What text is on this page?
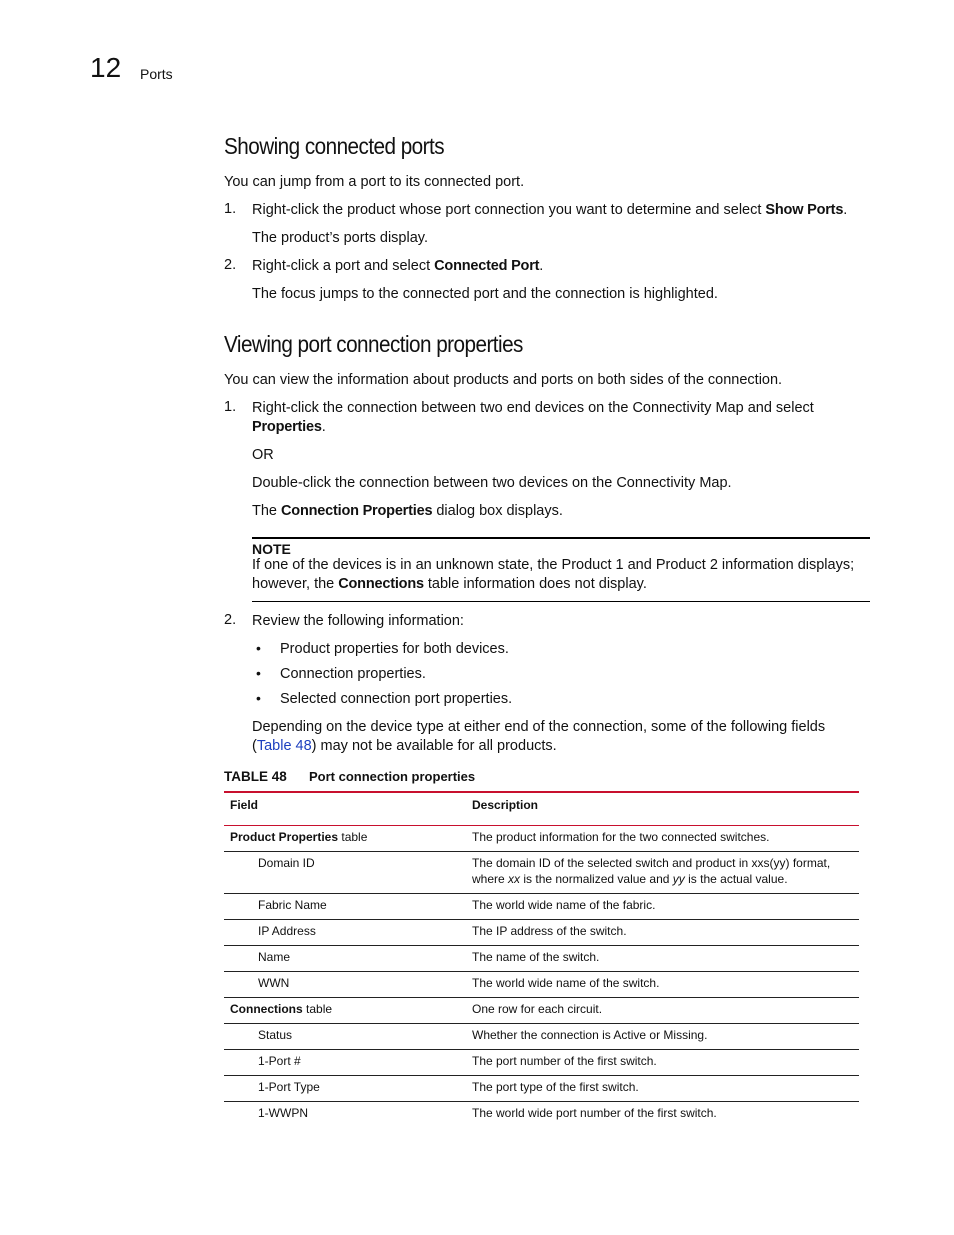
12 Ports
Showing connected ports
You can jump from a port to its connected port.
1. Right-click the product whose port connection you want to determine and select Show Ports.
The product’s ports display.
2. Right-click a port and select Connected Port.
The focus jumps to the connected port and the connection is highlighted.
Viewing port connection properties
You can view the information about products and ports on both sides of the connection.
1. Right-click the connection between two end devices on the Connectivity Map and select
Properties.
OR
Double-click the connection between two devices on the Connectivity Map.
The Connection Properties dialog box displays.
NOTE
If one of the devices is in an unknown state, the Product 1 and Product 2 information displays;
however, the Connections table information does not display.
2. Review the following information:
• Product properties for both devices.
• Connection properties.
• Selected connection port properties.
Depending on the device type at either end of the connection, some of the following fields
(Table 48) may not be available for all products.
TABLE 48 Port connection properties
Field	Description
Product Properties table	The product information for the two connected switches.
Domain ID	The domain ID of the selected switch and product in xxs(yy) format,
where xx is the normalized value and yy is the actual value.

Fabric Name	The world wide name of the fabric.
IP Address	The IP address of the switch.
Name	The name of the switch.
WWN	The world wide name of the switch.
Connections table	One row for each circuit.
Status	Whether the connection is Active or Missing.
1-Port #	The port number of the first switch.
1-Port Type	The port type of the first switch.
1-WWPN	The world wide port number of the first switch.
